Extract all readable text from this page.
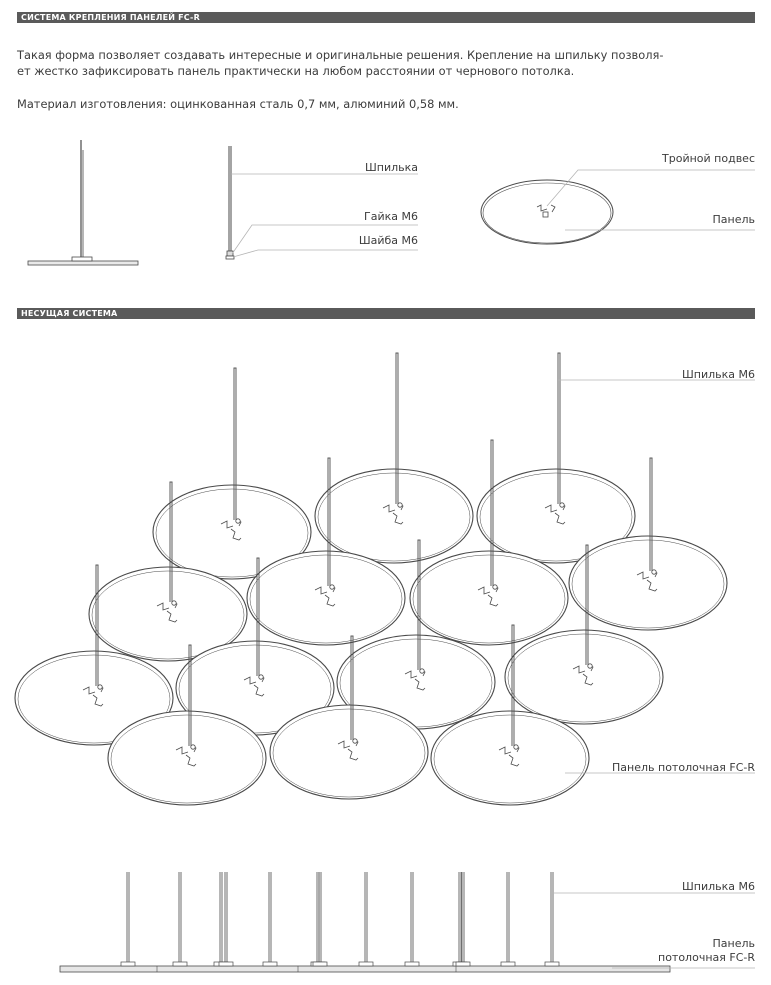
СИСТЕМА КРЕПЛЕНИЯ ПАНЕЛЕЙ FC-R

Такая форма позволяет создавать интересные и оригинальные решения. Крепление на шпильку позволя-

ет жестко зафиксировать панель практически на любом расстоянии от чернового потолка.

Материал изготовления: оцинкованная сталь 0,7 мм, алюминий 0,58 мм.

Шпилька
Гайка М6
Шайба М6
Тройной подвес
Панель
НЕСУЩАЯ СИСТЕМА
Шпилька М6
Панель потолочная FC-R
Шпилька М6
Панель
потолочная FC-R
